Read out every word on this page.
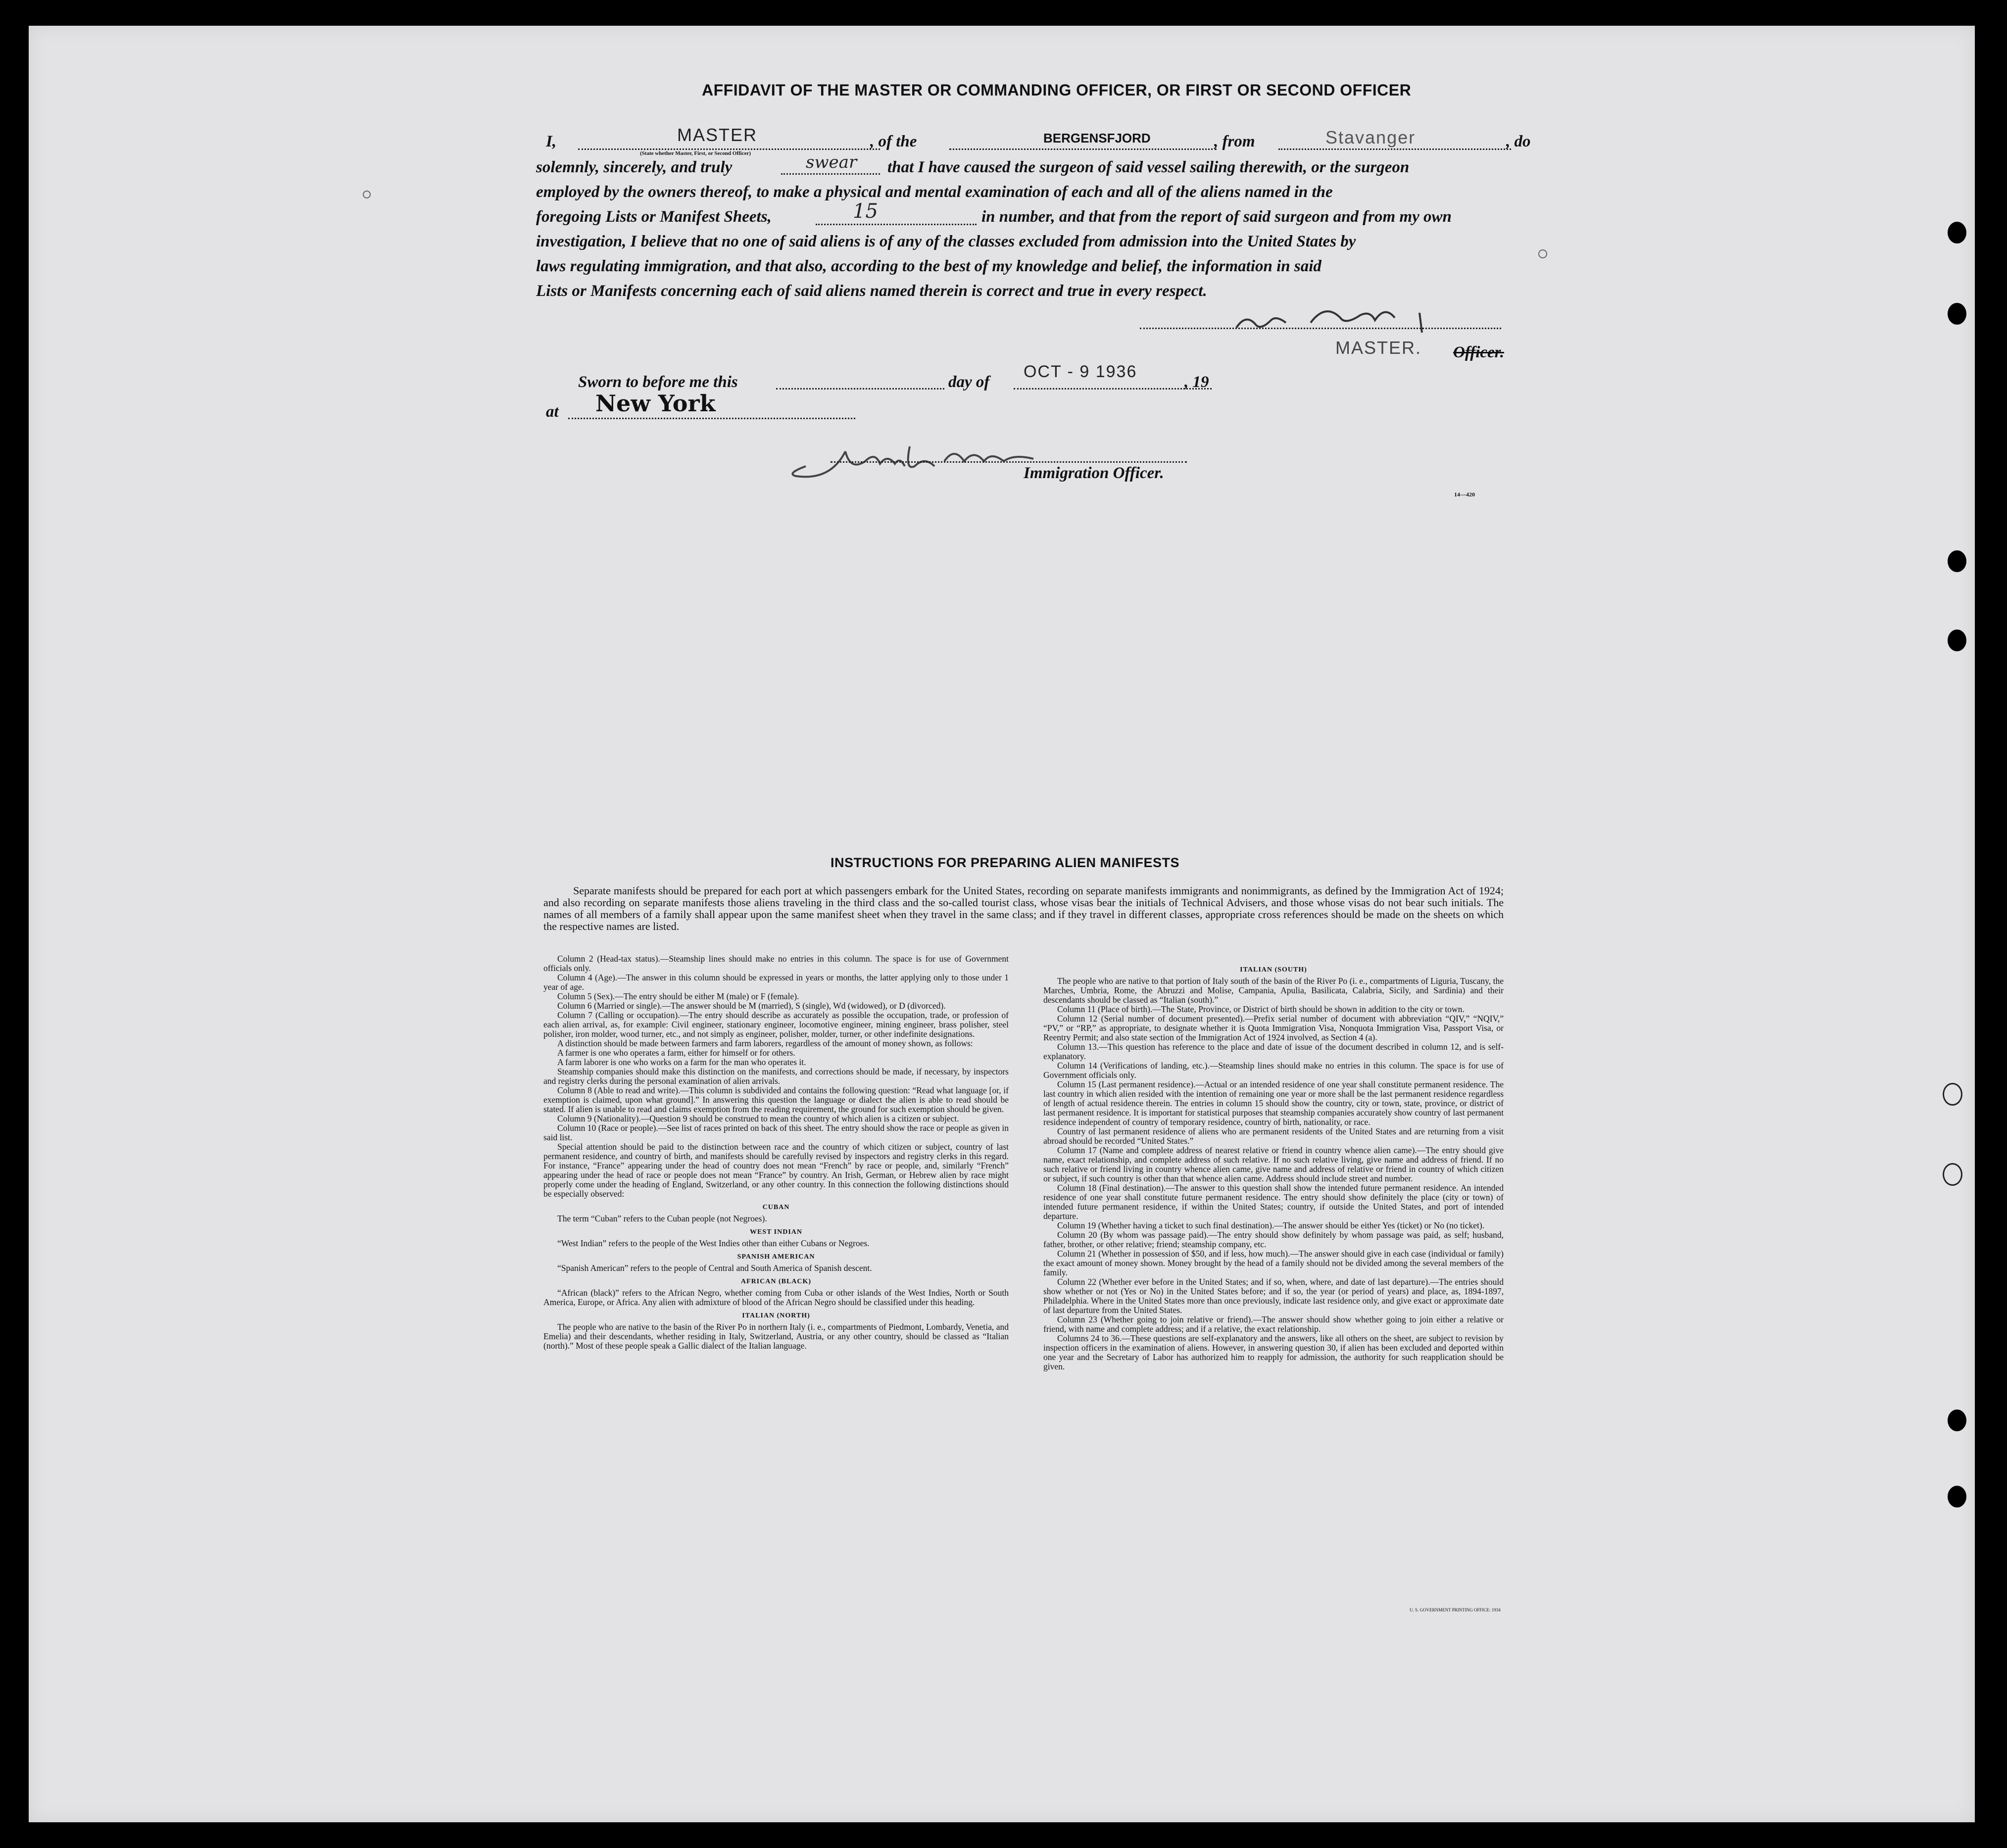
AFFIDAVIT OF THE MASTER OR COMMANDING OFFICER, OR FIRST OR SECOND OFFICER
I,	MASTER
(State whether Master, First, or Second Officer)
, of the	BERGENSFJORD	, from	Stavanger	, do
solemnly, sincerely, and truly	swear that I have caused the surgeon of said vessel sailing therewith, or the surgeon
employed by the owners thereof, to make a physical and mental examination of each and all of the aliens named in the
foregoing Lists or Manifest Sheets,	15	in number, and that from the report of said surgeon and from my own
investigation, I believe that no one of said aliens is of any of the classes excluded from admission into the United States by
laws regulating immigration, and that also, according to the best of my knowledge and belief, the information in said
Lists or Manifests concerning each of said aliens named therein is correct and true in every respect.
MASTER. Officer.
Sworn to before me this	day of
OCT - 9 1936
, 19
at New York
Immigration Officer.
14—420
INSTRUCTIONS FOR PREPARING ALIEN MANIFESTS
Separate manifests should be prepared for each port at which passengers embark for the United States, recording on separate manifests immigrants and nonimmigrants, as defined by the Immigration Act of 1924; and also recording on separate manifests those aliens traveling in the third class and the so-called tourist class, whose visas bear the initials of Technical Advisers, and those whose visas do not bear such initials. The names of all members of a family shall appear upon the same manifest sheet when they travel in the same class; and if they travel in different classes, appropriate cross references should be made on the sheets on which the respective names are listed.

Column 2 (Head-tax status).—Steamship lines should make no entries in this column. The space is for use of Government officials only.

Column 4 (Age).—The answer in this column should be expressed in years or months, the latter applying only to those under 1 year of age.

Column 5 (Sex).—The entry should be either M (male) or F (female).

Column 6 (Married or single).—The answer should be M (married), S (single), Wd (widowed), or D (divorced).

Column 7 (Calling or occupation).—The entry should describe as accurately as possible the occupation, trade, or profession of each alien arrival, as, for example: Civil engineer, stationary engineer, locomotive engineer, mining engineer, brass polisher, steel polisher, iron molder, wood turner, etc., and not simply as engineer, polisher, molder, turner, or other indefinite designations.

A distinction should be made between farmers and farm laborers, regardless of the amount of money shown, as follows:

A farmer is one who operates a farm, either for himself or for others.

A farm laborer is one who works on a farm for the man who operates it.

Steamship companies should make this distinction on the manifests, and corrections should be made, if necessary, by inspectors and registry clerks during the personal examination of alien arrivals.

Column 8 (Able to read and write).—This column is subdivided and contains the following question: “Read what language [or, if exemption is claimed, upon what ground].” In answering this question the language or dialect the alien is able to read should be stated. If alien is unable to read and claims exemption from the reading requirement, the ground for such exemption should be given.

Column 9 (Nationality).—Question 9 should be construed to mean the country of which alien is a citizen or subject.

Column 10 (Race or people).—See list of races printed on back of this sheet. The entry should show the race or people as given in said list.

Special attention should be paid to the distinction between race and the country of which citizen or subject, country of last permanent residence, and country of birth, and manifests should be carefully revised by inspectors and registry clerks in this regard. For instance, “France” appearing under the head of country does not mean “French” by race or people, and, similarly “French” appearing under the head of race or people does not mean “France” by country. An Irish, German, or Hebrew alien by race might properly come under the heading of England, Switzerland, or any other country. In this connection the following distinctions should be especially observed:

CUBAN

The term “Cuban” refers to the Cuban people (not Negroes).

WEST INDIAN

“West Indian” refers to the people of the West Indies other than either Cubans or Negroes.

SPANISH AMERICAN

“Spanish American” refers to the people of Central and South America of Spanish descent.

AFRICAN (BLACK)

“African (black)” refers to the African Negro, whether coming from Cuba or other islands of the West Indies, North or South America, Europe, or Africa. Any alien with admixture of blood of the African Negro should be classified under this heading.

ITALIAN (NORTH)

The people who are native to the basin of the River Po in northern Italy (i. e., compartments of Piedmont, Lombardy, Venetia, and Emelia) and their descendants, whether residing in Italy, Switzerland, Austria, or any other country, should be classed as “Italian (north).” Most of these people speak a Gallic dialect of the Italian language.

ITALIAN (SOUTH)

The people who are native to that portion of Italy south of the basin of the River Po (i. e., compartments of Liguria, Tuscany, the Marches, Umbria, Rome, the Abruzzi and Molise, Campania, Apulia, Basilicata, Calabria, Sicily, and Sardinia) and their descendants should be classed as “Italian (south).”

Column 11 (Place of birth).—The State, Province, or District of birth should be shown in addition to the city or town.

Column 12 (Serial number of document presented).—Prefix serial number of document with abbreviation “QIV,” “NQIV,” “PV,” or “RP,” as appropriate, to designate whether it is Quota Immigration Visa, Nonquota Immigration Visa, Passport Visa, or Reentry Permit; and also state section of the Immigration Act of 1924 involved, as Section 4 (a).

Column 13.—This question has reference to the place and date of issue of the document described in column 12, and is self-explanatory.

Column 14 (Verifications of landing, etc.).—Steamship lines should make no entries in this column. The space is for use of Government officials only.

Column 15 (Last permanent residence).—Actual or an intended residence of one year shall constitute permanent residence. The last country in which alien resided with the intention of remaining one year or more shall be the last permanent residence regardless of length of actual residence therein. The entries in column 15 should show the country, city or town, state, province, or district of last permanent residence. It is important for statistical purposes that steamship companies accurately show country of last permanent residence independent of country of temporary residence, country of birth, nationality, or race.

Country of last permanent residence of aliens who are permanent residents of the United States and are returning from a visit abroad should be recorded “United States.”

Column 17 (Name and complete address of nearest relative or friend in country whence alien came).—The entry should give name, exact relationship, and complete address of such relative. If no such relative living, give name and address of friend. If no such relative or friend living in country whence alien came, give name and address of relative or friend in country of which citizen or subject, if such country is other than that whence alien came. Address should include street and number.

Column 18 (Final destination).—The answer to this question shall show the intended future permanent residence. An intended residence of one year shall constitute future permanent residence. The entry should show definitely the place (city or town) of intended future permanent residence, if within the United States; country, if outside the United States, and port of intended departure.

Column 19 (Whether having a ticket to such final destination).—The answer should be either Yes (ticket) or No (no ticket).

Column 20 (By whom was passage paid).—The entry should show definitely by whom passage was paid, as self; husband, father, brother, or other relative; friend; steamship company, etc.

Column 21 (Whether in possession of $50, and if less, how much).—The answer should give in each case (individual or family) the exact amount of money shown. Money brought by the head of a family should not be divided among the several members of the family.

Column 22 (Whether ever before in the United States; and if so, when, where, and date of last departure).—The entries should show whether or not (Yes or No) in the United States before; and if so, the year (or period of years) and place, as, 1894-1897, Philadelphia. Where in the United States more than once previously, indicate last residence only, and give exact or approximate date of last departure from the United States.

Column 23 (Whether going to join relative or friend).—The answer should show whether going to join either a relative or friend, with name and complete address; and if a relative, the exact relationship.

Columns 24 to 36.—These questions are self-explanatory and the answers, like all others on the sheet, are subject to revision by inspection officers in the examination of aliens. However, in answering question 30, if alien has been excluded and deported within one year and the Secretary of Labor has authorized him to reapply for admission, the authority for such reapplication should be given.

U. S. GOVERNMENT PRINTING OFFICE: 1934
